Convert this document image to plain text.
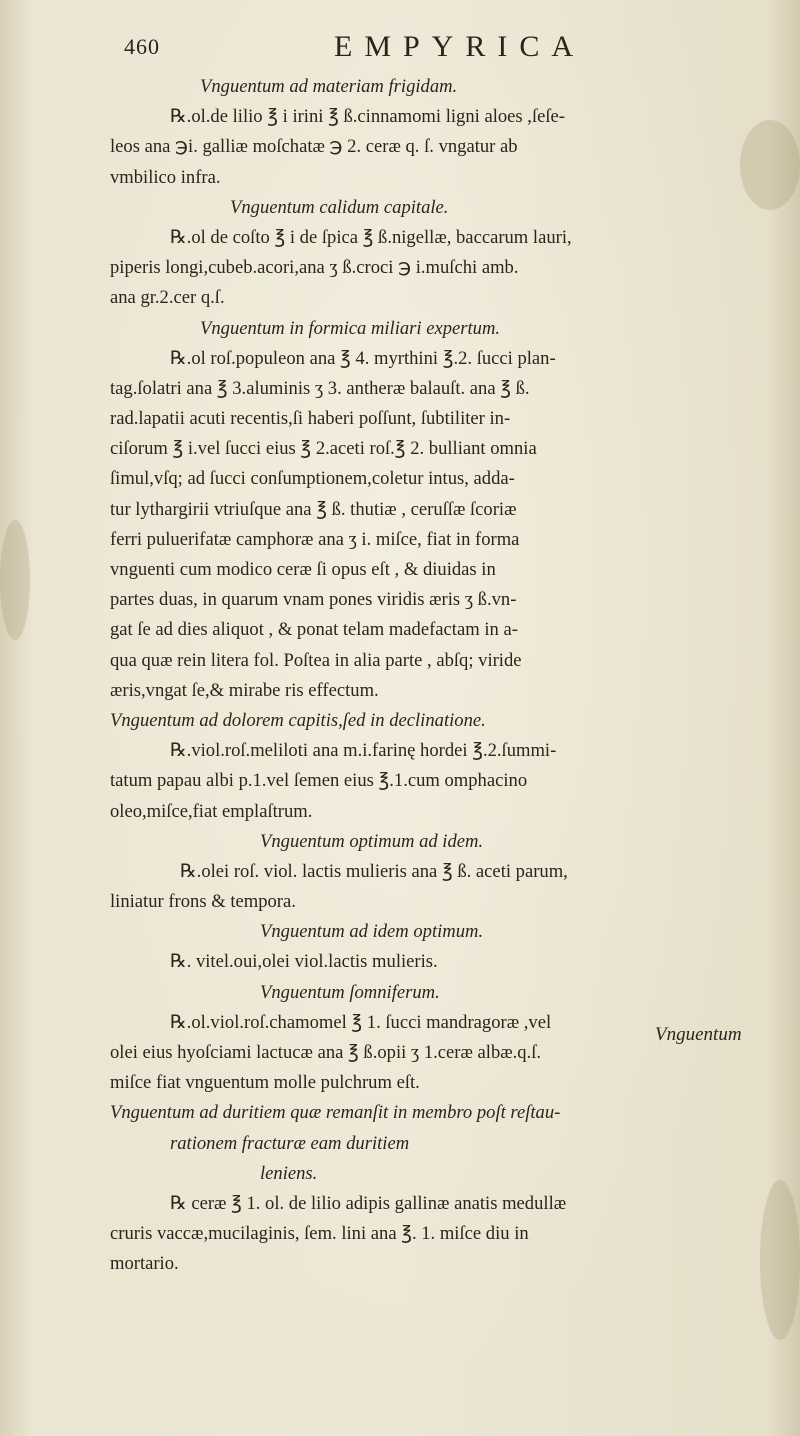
460	EMPYRICA
Vnguentum ad materiam frigidam.
℞.ol.de lilio ℥ i irini ℥ ß.cinnamomi ligni aloes ,ſeſe-
leos ana ℈i. galliæ moſchatæ ℈ 2. ceræ q. ſ. vngatur ab
vmbilico infra.
Vnguentum calidum capitale.
℞.ol de coſto ℥ i de ſpica ℥ ß.nigellæ, baccarum lauri,
piperis longi,cubeb.acori,ana ʒ ß.croci ℈ i.muſchi amb.
ana gr.2.cer q.ſ.
Vnguentum in formica miliari expertum.
℞.ol roſ.populeon ana ℥ 4. myrthini ℥.2. ſucci plan-
tag.ſolatri ana ℥ 3.aluminis ʒ 3. antheræ balauſt. ana ℥ ß.
rad.lapatii acuti recentis,ſi haberi poſſunt, ſubtiliter in-
ciſorum ℥ i.vel ſucci eius ℥ 2.aceti roſ.℥ 2. bulliant omnia
ſimul,vſq; ad ſucci conſumptionem,coletur intus, adda-
tur lythargirii vtriuſque ana ℥ ß. thutiæ , ceruſſæ ſcoriæ
ferri puluerifatæ camphoræ ana ʒ i. miſce, fiat in forma
vnguenti cum modico ceræ ſi opus eſt , & diuidas in
partes duas, in quarum vnam pones viridis æris ʒ ß.vn-
gat ſe ad dies aliquot , & ponat telam madefactam in a-
qua quæ rein litera fol. Poſtea in alia parte , abſq; viride
æris,vngat ſe,& mirabe ris effectum.
Vnguentum ad dolorem capitis,ſed in declinatione.
℞.viol.roſ.meliloti ana m.i.farinę hordei ℥.2.ſummi-
tatum papau albi p.1.vel ſemen eius ℥.1.cum omphacino
oleo,miſce,fiat emplaſtrum.
Vnguentum optimum ad idem.
℞.olei roſ. viol. lactis mulieris ana ℥ ß. aceti parum,
liniatur frons & tempora.
Vnguentum ad idem optimum.
℞. vitel.oui,olei viol.lactis mulieris.
Vnguentum ſomniferum.
℞.ol.viol.roſ.chamomel ℥ 1. ſucci mandragoræ ,vel
olei eius hyoſciami lactucæ ana ℥ ß.opii ʒ 1.ceræ albæ.q.ſ.
miſce fiat vnguentum molle pulchrum eſt.
Vnguentum ad duritiem quæ remanſit in membro poſt reſtau-
rationem fracturæ eam duritiem
leniens.
℞ ceræ ℥ 1. ol. de lilio adipis gallinæ anatis medullæ
cruris vaccæ,mucilaginis, ſem. lini ana ℥. 1. miſce diu in
mortario.
Vnguentum
